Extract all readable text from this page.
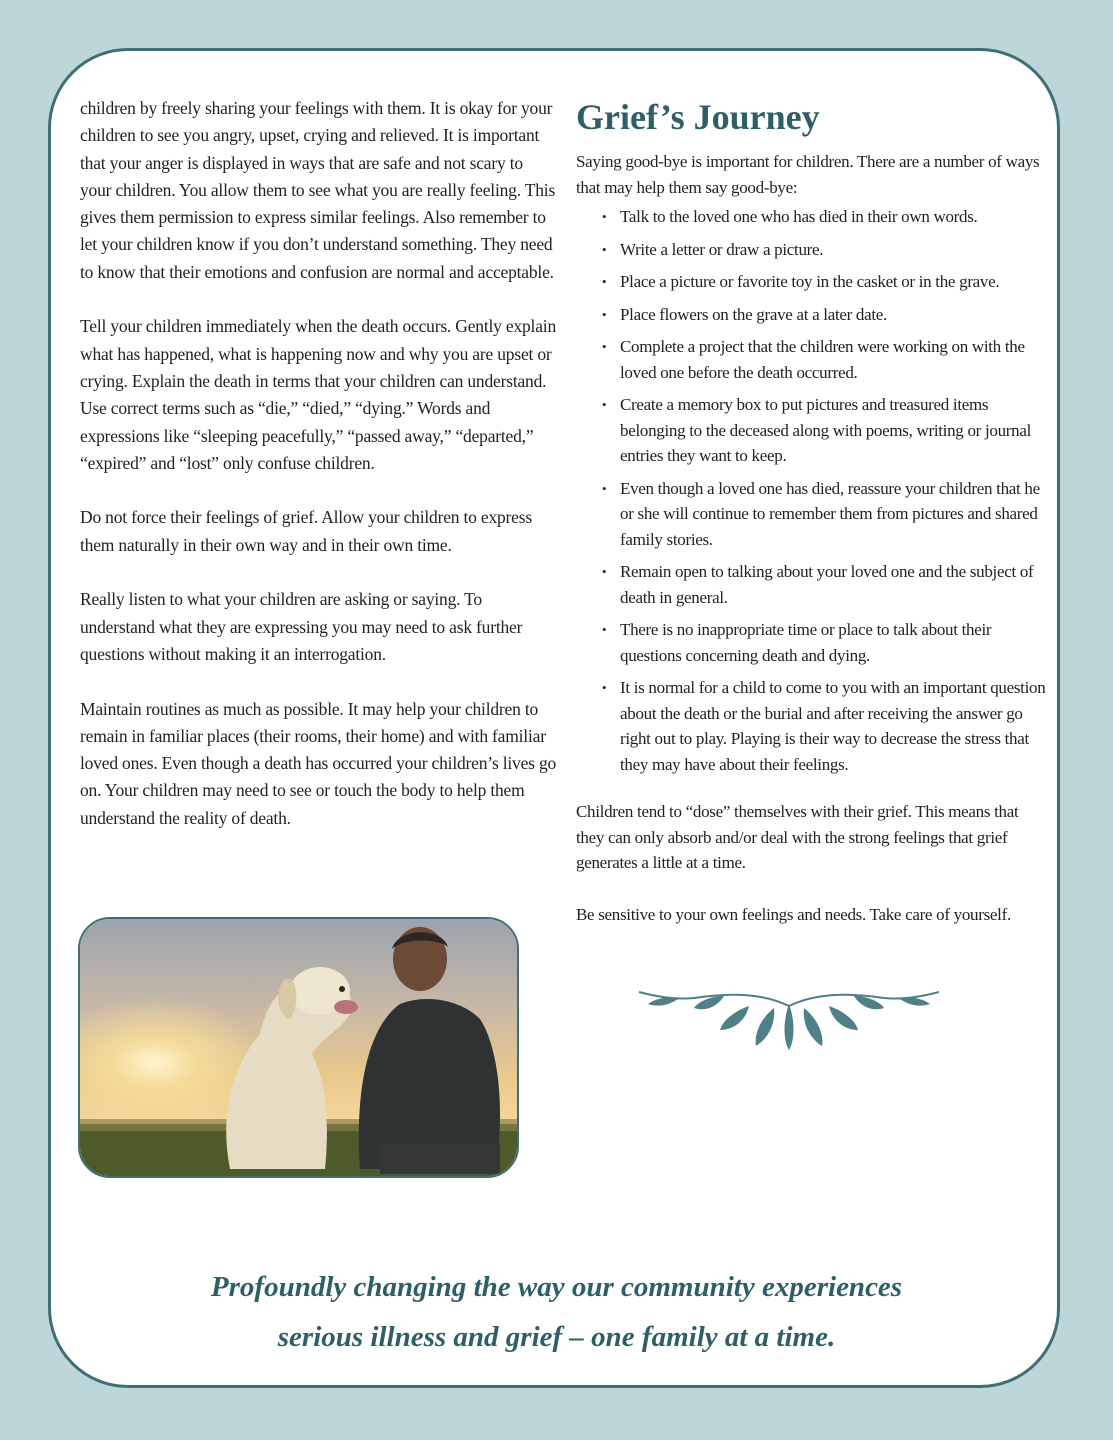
children by freely sharing your feelings with them. It is okay for your children to see you angry, upset, crying and relieved. It is important that your anger is displayed in ways that are safe and not scary to your children. You allow them to see what you are really feeling. This gives them permission to express similar feelings. Also remember to let your children know if you don’t understand something. They need to know that their emotions and confusion are normal and acceptable.

Tell your children immediately when the death occurs. Gently explain what has happened, what is happening now and why you are upset or crying. Explain the death in terms that your children can understand. Use correct terms such as “die,” “died,” “dying.” Words and expressions like “sleeping peacefully,” “passed away,” “departed,” “expired” and “lost” only confuse children.

Do not force their feelings of grief. Allow your children to express them naturally in their own way and in their own time.

Really listen to what your children are asking or saying. To understand what they are expressing you may need to ask further questions without making it an interrogation.

Maintain routines as much as possible. It may help your children to remain in familiar places (their rooms, their home) and with familiar loved ones. Even though a death has occurred your children’s lives go on. Your children may need to see or touch the body to help them understand the reality of death.

Grief’s Journey

Saying good-bye is important for children. There are a number of ways that may help them say good-bye:

• Talk to the loved one who has died in their own words.
• Write a letter or draw a picture.
• Place a picture or favorite toy in the casket or in the grave.
• Place flowers on the grave at a later date.
• Complete a project that the children were working on with the loved one before the death occurred.
• Create a memory box to put pictures and treasured items belonging to the deceased along with poems, writing or journal entries they want to keep.
• Even though a loved one has died, reassure your children that he or she will continue to remember them from pictures and shared family stories.
• Remain open to talking about your loved one and the subject of death in general.
• There is no inappropriate time or place to talk about their questions concerning death and dying.
• It is normal for a child to come to you with an important question about the death or the burial and after receiving the answer go right out to play. Playing is their way to decrease the stress that they may have about their feelings.

Children tend to “dose” themselves with their grief. This means that they can only absorb and/or deal with the strong feelings that grief generates a little at a time.

Be sensitive to your own feelings and needs. Take care of yourself.

Profoundly changing the way our community experiences
serious illness and grief – one family at a time.
